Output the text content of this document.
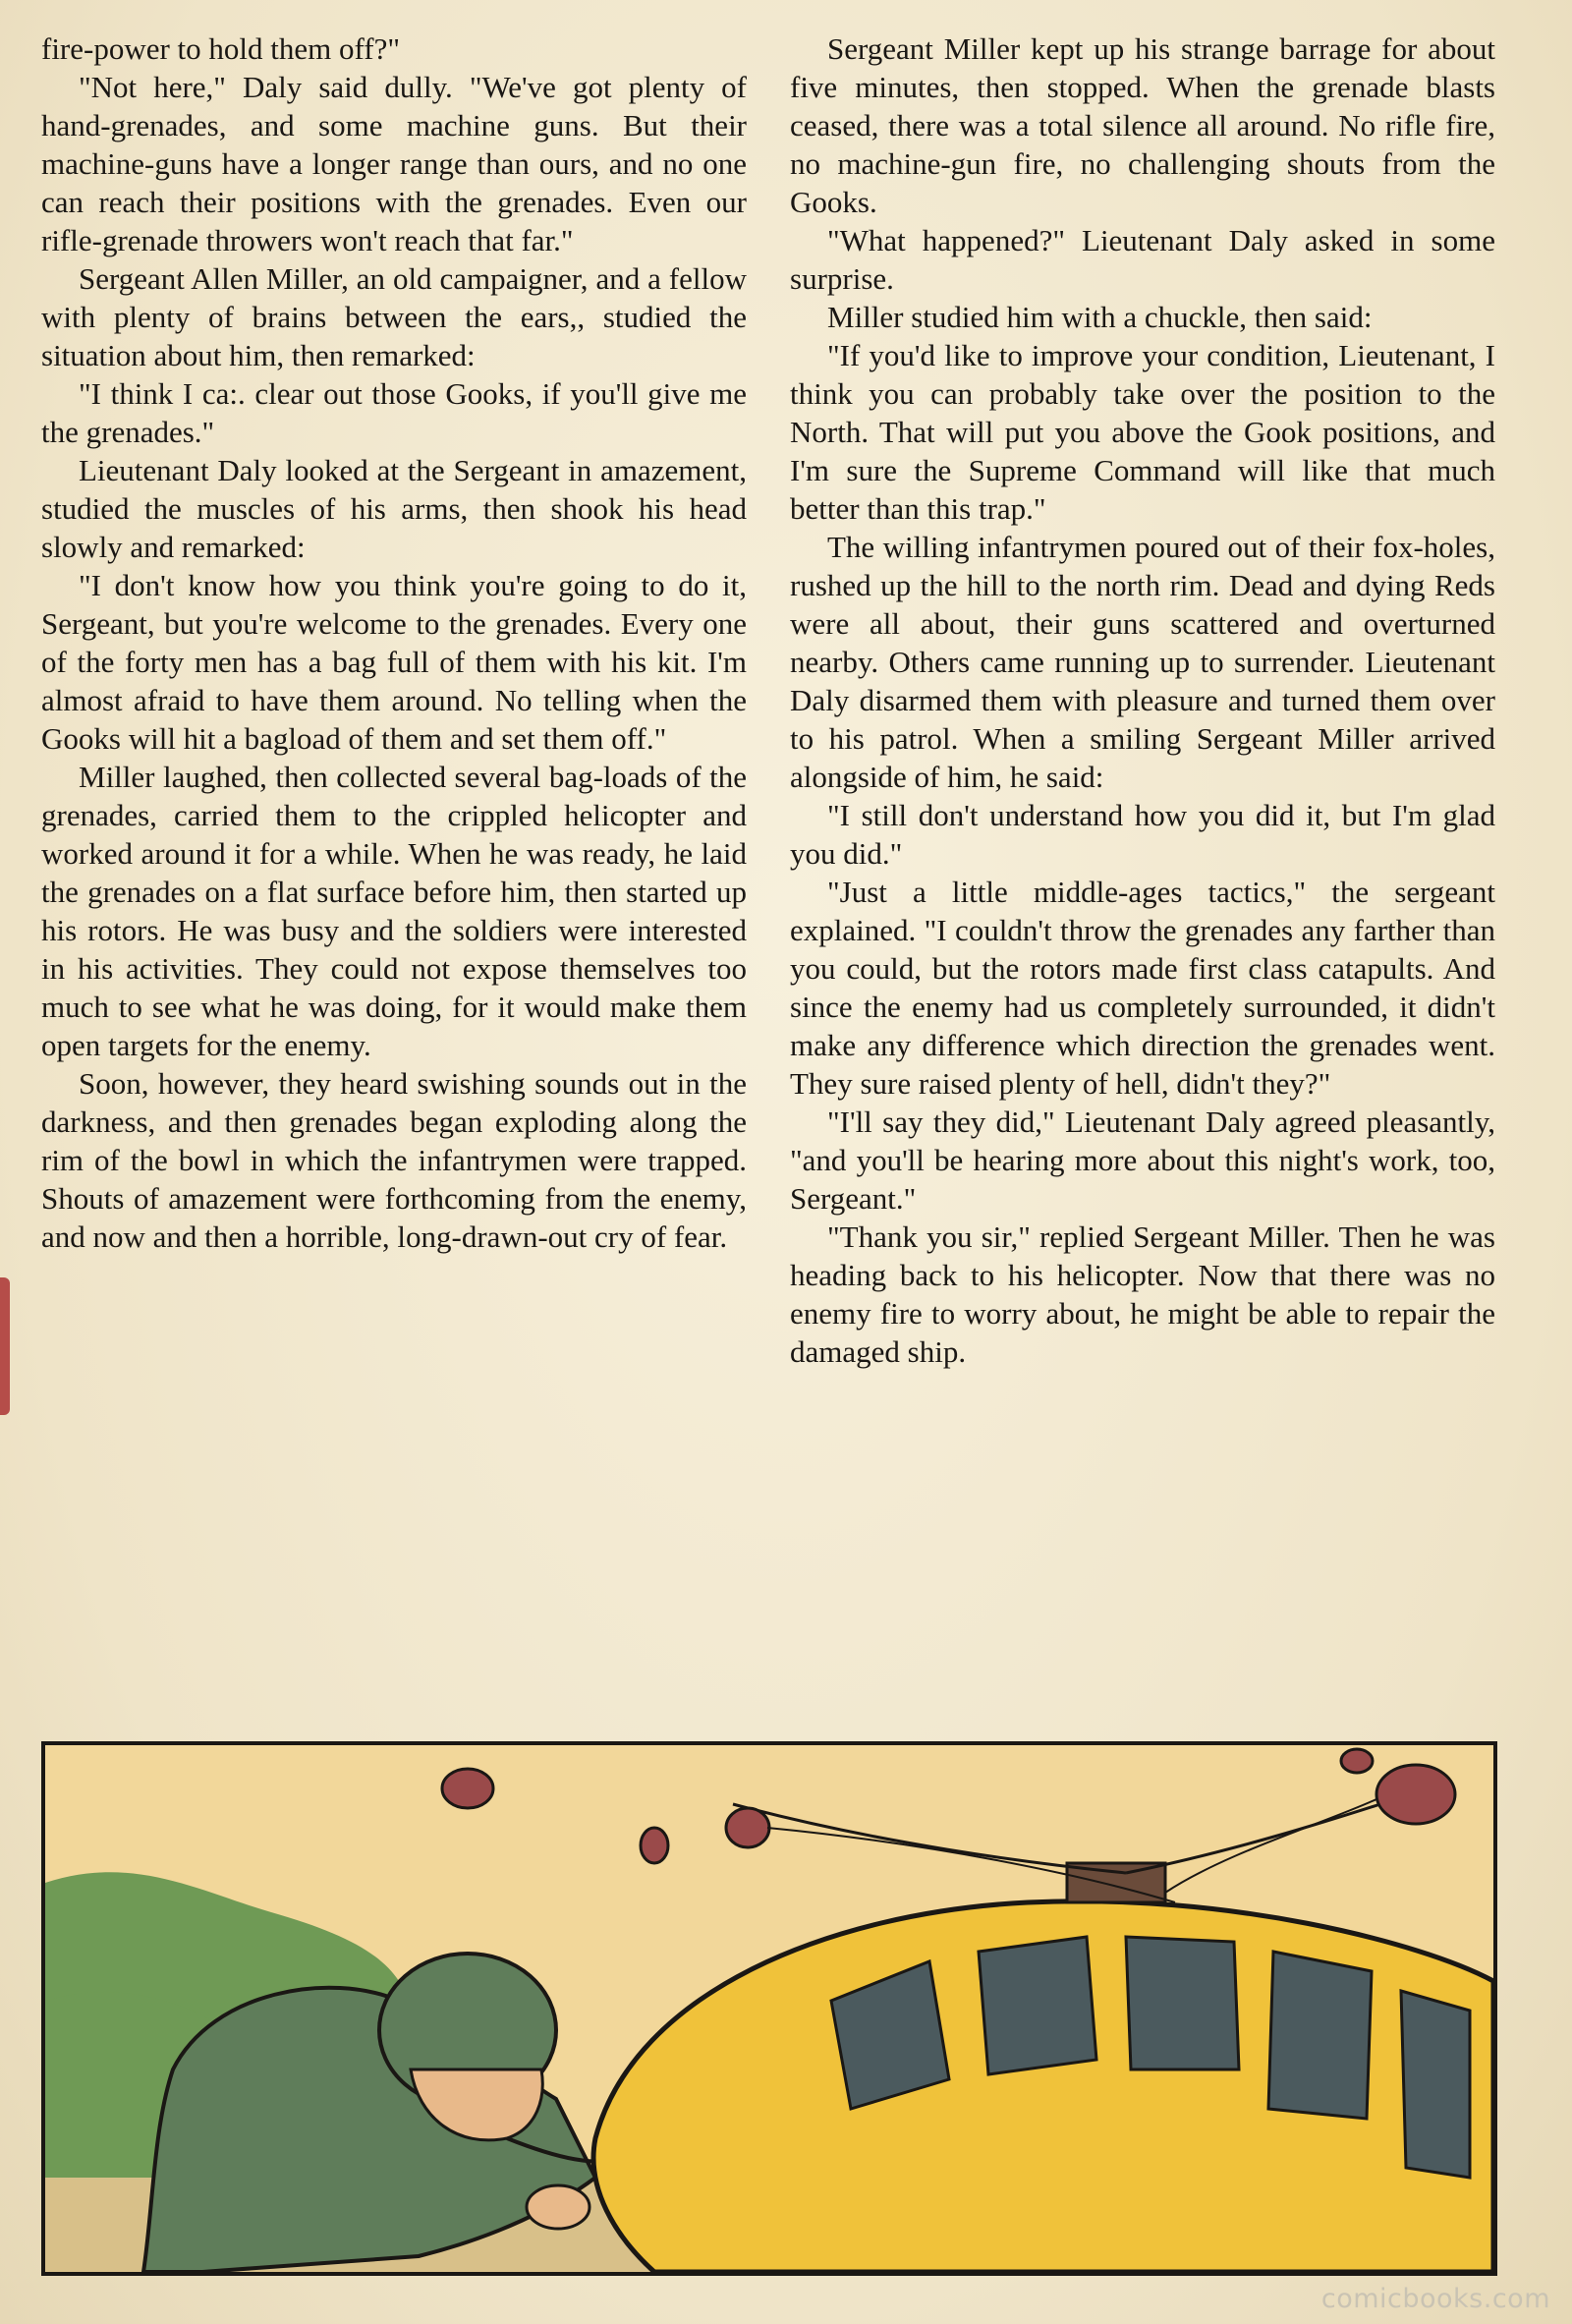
fire-power to hold them off?"

"Not here," Daly said dully. "We've got plenty of hand-grenades, and some machine guns. But their machine-guns have a longer range than ours, and no one can reach their positions with the grenades. Even our rifle-grenade throwers won't reach that far."

Sergeant Allen Miller, an old campaigner, and a fellow with plenty of brains between the ears,, studied the situation about him, then remarked:

"I think I ca:. clear out those Gooks, if you'll give me the grenades."

Lieutenant Daly looked at the Sergeant in amazement, studied the muscles of his arms, then shook his head slowly and remarked:

"I don't know how you think you're going to do it, Sergeant, but you're welcome to the grenades. Every one of the forty men has a bag full of them with his kit. I'm almost afraid to have them around. No telling when the Gooks will hit a bagload of them and set them off."

Miller laughed, then collected several bag-loads of the grenades, carried them to the crippled helicopter and worked around it for a while. When he was ready, he laid the grenades on a flat surface before him, then started up his rotors. He was busy and the soldiers were interested in his activities. They could not expose themselves too much to see what he was doing, for it would make them open targets for the enemy.

Soon, however, they heard swishing sounds out in the darkness, and then grenades began exploding along the rim of the bowl in which the infantrymen were trapped. Shouts of amazement were forthcoming from the enemy, and now and then a horrible, long-drawn-out cry of fear.

Sergeant Miller kept up his strange barrage for about five minutes, then stopped. When the grenade blasts ceased, there was a total silence all around. No rifle fire, no machine-gun fire, no challenging shouts from the Gooks.

"What happened?" Lieutenant Daly asked in some surprise.

Miller studied him with a chuckle, then said:

"If you'd like to improve your condition, Lieutenant, I think you can probably take over the position to the North. That will put you above the Gook positions, and I'm sure the Supreme Command will like that much better than this trap."

The willing infantrymen poured out of their fox-holes, rushed up the hill to the north rim. Dead and dying Reds were all about, their guns scattered and overturned nearby. Others came running up to surrender. Lieutenant Daly disarmed them with pleasure and turned them over to his patrol. When a smiling Sergeant Miller arrived alongside of him, he said:

"I still don't understand how you did it, but I'm glad you did."

"Just a little middle-ages tactics," the sergeant explained. "I couldn't throw the grenades any farther than you could, but the rotors made first class catapults. And since the enemy had us completely surrounded, it didn't make any difference which direction the grenades went. They sure raised plenty of hell, didn't they?"

"I'll say they did," Lieutenant Daly agreed pleasantly, "and you'll be hearing more about this night's work, too, Sergeant."

"Thank you sir," replied Sergeant Miller. Then he was heading back to his helicopter. Now that there was no enemy fire to worry about, he might be able to repair the damaged ship.

comicbooks.com
